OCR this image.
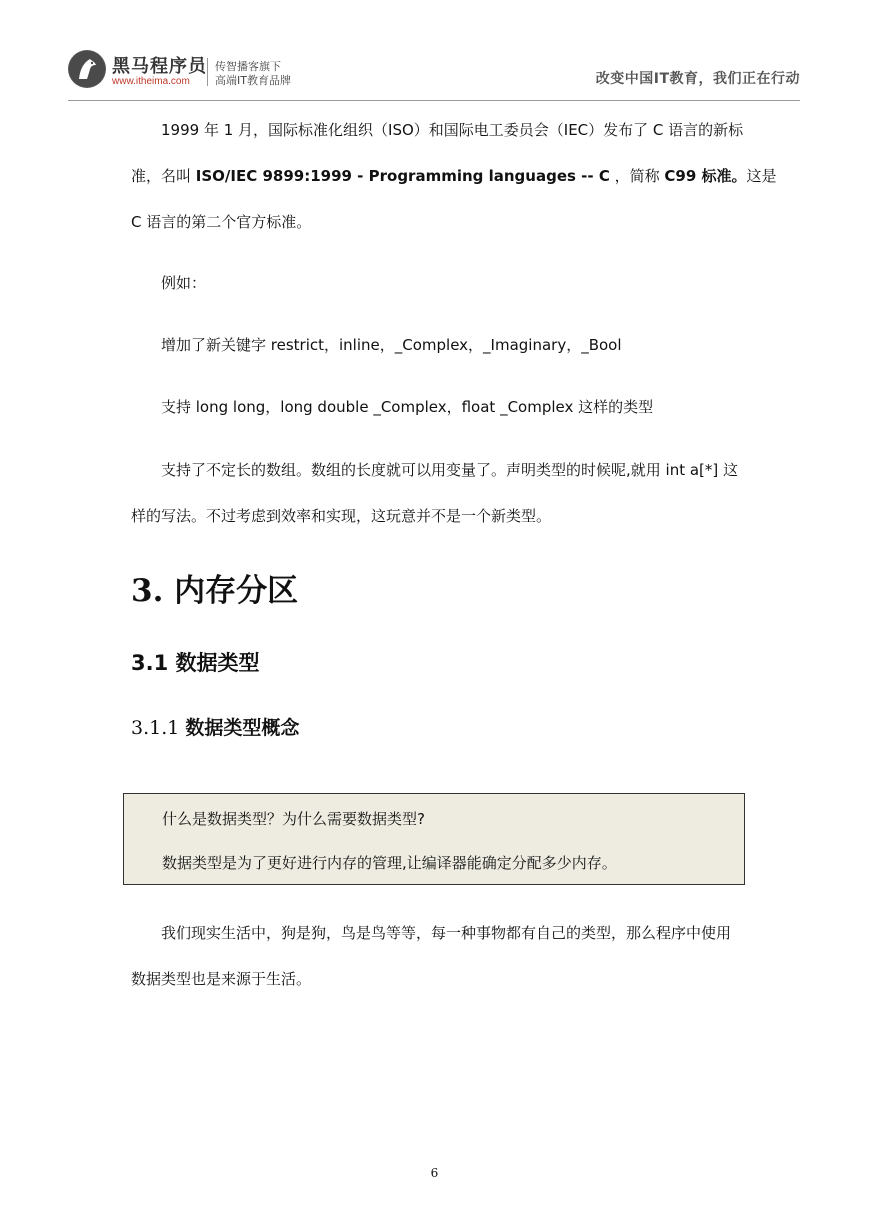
黑马程序员
www.itheima.com
传智播客旗下
高端IT教育品牌	改变中国IT教育，我们正在行动
1999 年 1 月，国际标准化组织（ISO）和国际电工委员会（IEC）发布了 C 语言的新标
准，名叫 ISO/IEC 9899:1999 - Programming languages -- C ，简称 C99 标准。这是
C 语言的第二个官方标准。
例如：
增加了新关键字 restrict，inline，_Complex，_Imaginary，_Bool
支持 long long，long double _Complex，float _Complex 这样的类型
支持了不定长的数组。数组的长度就可以用变量了。声明类型的时候呢,就用 int a[*] 这
样的写法。不过考虑到效率和实现，这玩意并不是一个新类型。
3. 内存分区
3.1 数据类型
3.1.1 数据类型概念
什么是数据类型？为什么需要数据类型?
数据类型是为了更好进行内存的管理,让编译器能确定分配多少内存。
我们现实生活中，狗是狗，鸟是鸟等等，每一种事物都有自己的类型，那么程序中使用
数据类型也是来源于生活。
6
